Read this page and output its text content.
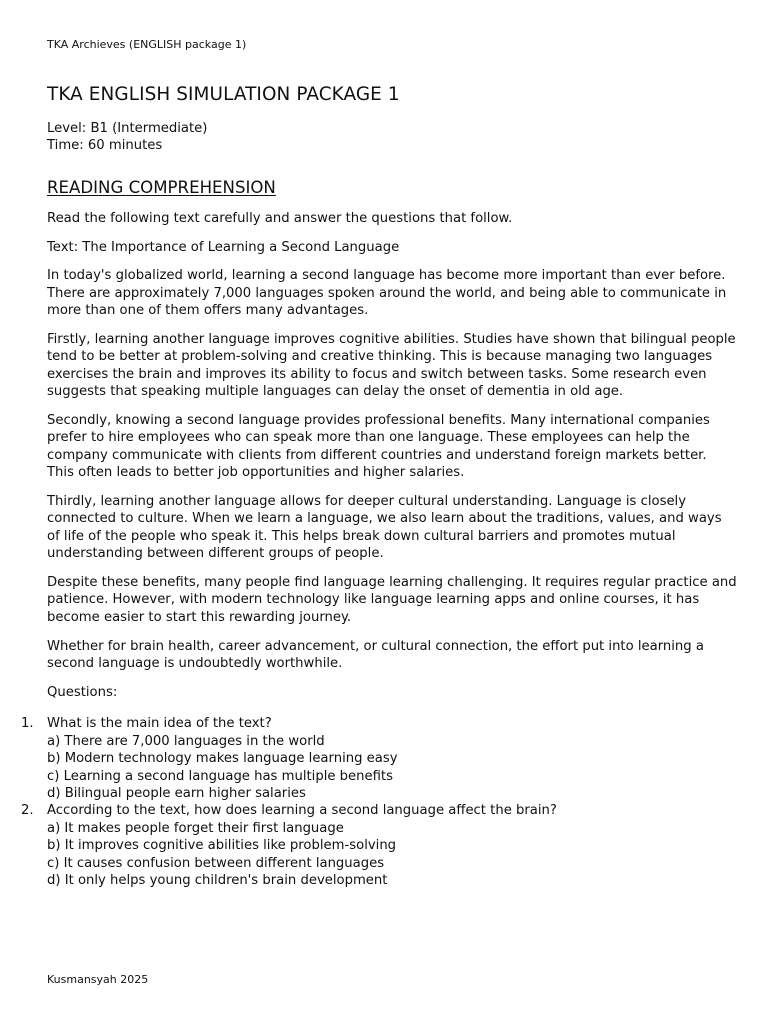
TKA Archieves (ENGLISH package 1)
TKA ENGLISH SIMULATION PACKAGE 1
Level: B1 (Intermediate)
Time: 60 minutes
READING COMPREHENSION

Read the following text carefully and answer the questions that follow.

Text: The Importance of Learning a Second Language

In today's globalized world, learning a second language has become more important than ever before. There are approximately 7,000 languages spoken around the world, and being able to communicate in more than one of them offers many advantages.

Firstly, learning another language improves cognitive abilities. Studies have shown that bilingual people tend to be better at problem-solving and creative thinking. This is because managing two languages exercises the brain and improves its ability to focus and switch between tasks. Some research even suggests that speaking multiple languages can delay the onset of dementia in old age.

Secondly, knowing a second language provides professional benefits. Many international companies prefer to hire employees who can speak more than one language. These employees can help the company communicate with clients from different countries and understand foreign markets better. This often leads to better job opportunities and higher salaries.

Thirdly, learning another language allows for deeper cultural understanding. Language is closely connected to culture. When we learn a language, we also learn about the traditions, values, and ways of life of the people who speak it. This helps break down cultural barriers and promotes mutual understanding between different groups of people.

Despite these benefits, many people find language learning challenging. It requires regular practice and patience. However, with modern technology like language learning apps and online courses, it has become easier to start this rewarding journey.

Whether for brain health, career advancement, or cultural connection, the effort put into learning a second language is undoubtedly worthwhile.

Questions:

1.	What is the main idea of the text?
a) There are 7,000 languages in the world
b) Modern technology makes language learning easy
c) Learning a second language has multiple benefits
d) Bilingual people earn higher salaries
2.	According to the text, how does learning a second language affect the brain?
a) It makes people forget their first language
b) It improves cognitive abilities like problem-solving
c) It causes confusion between different languages
d) It only helps young children's brain development
Kusmansyah 2025
